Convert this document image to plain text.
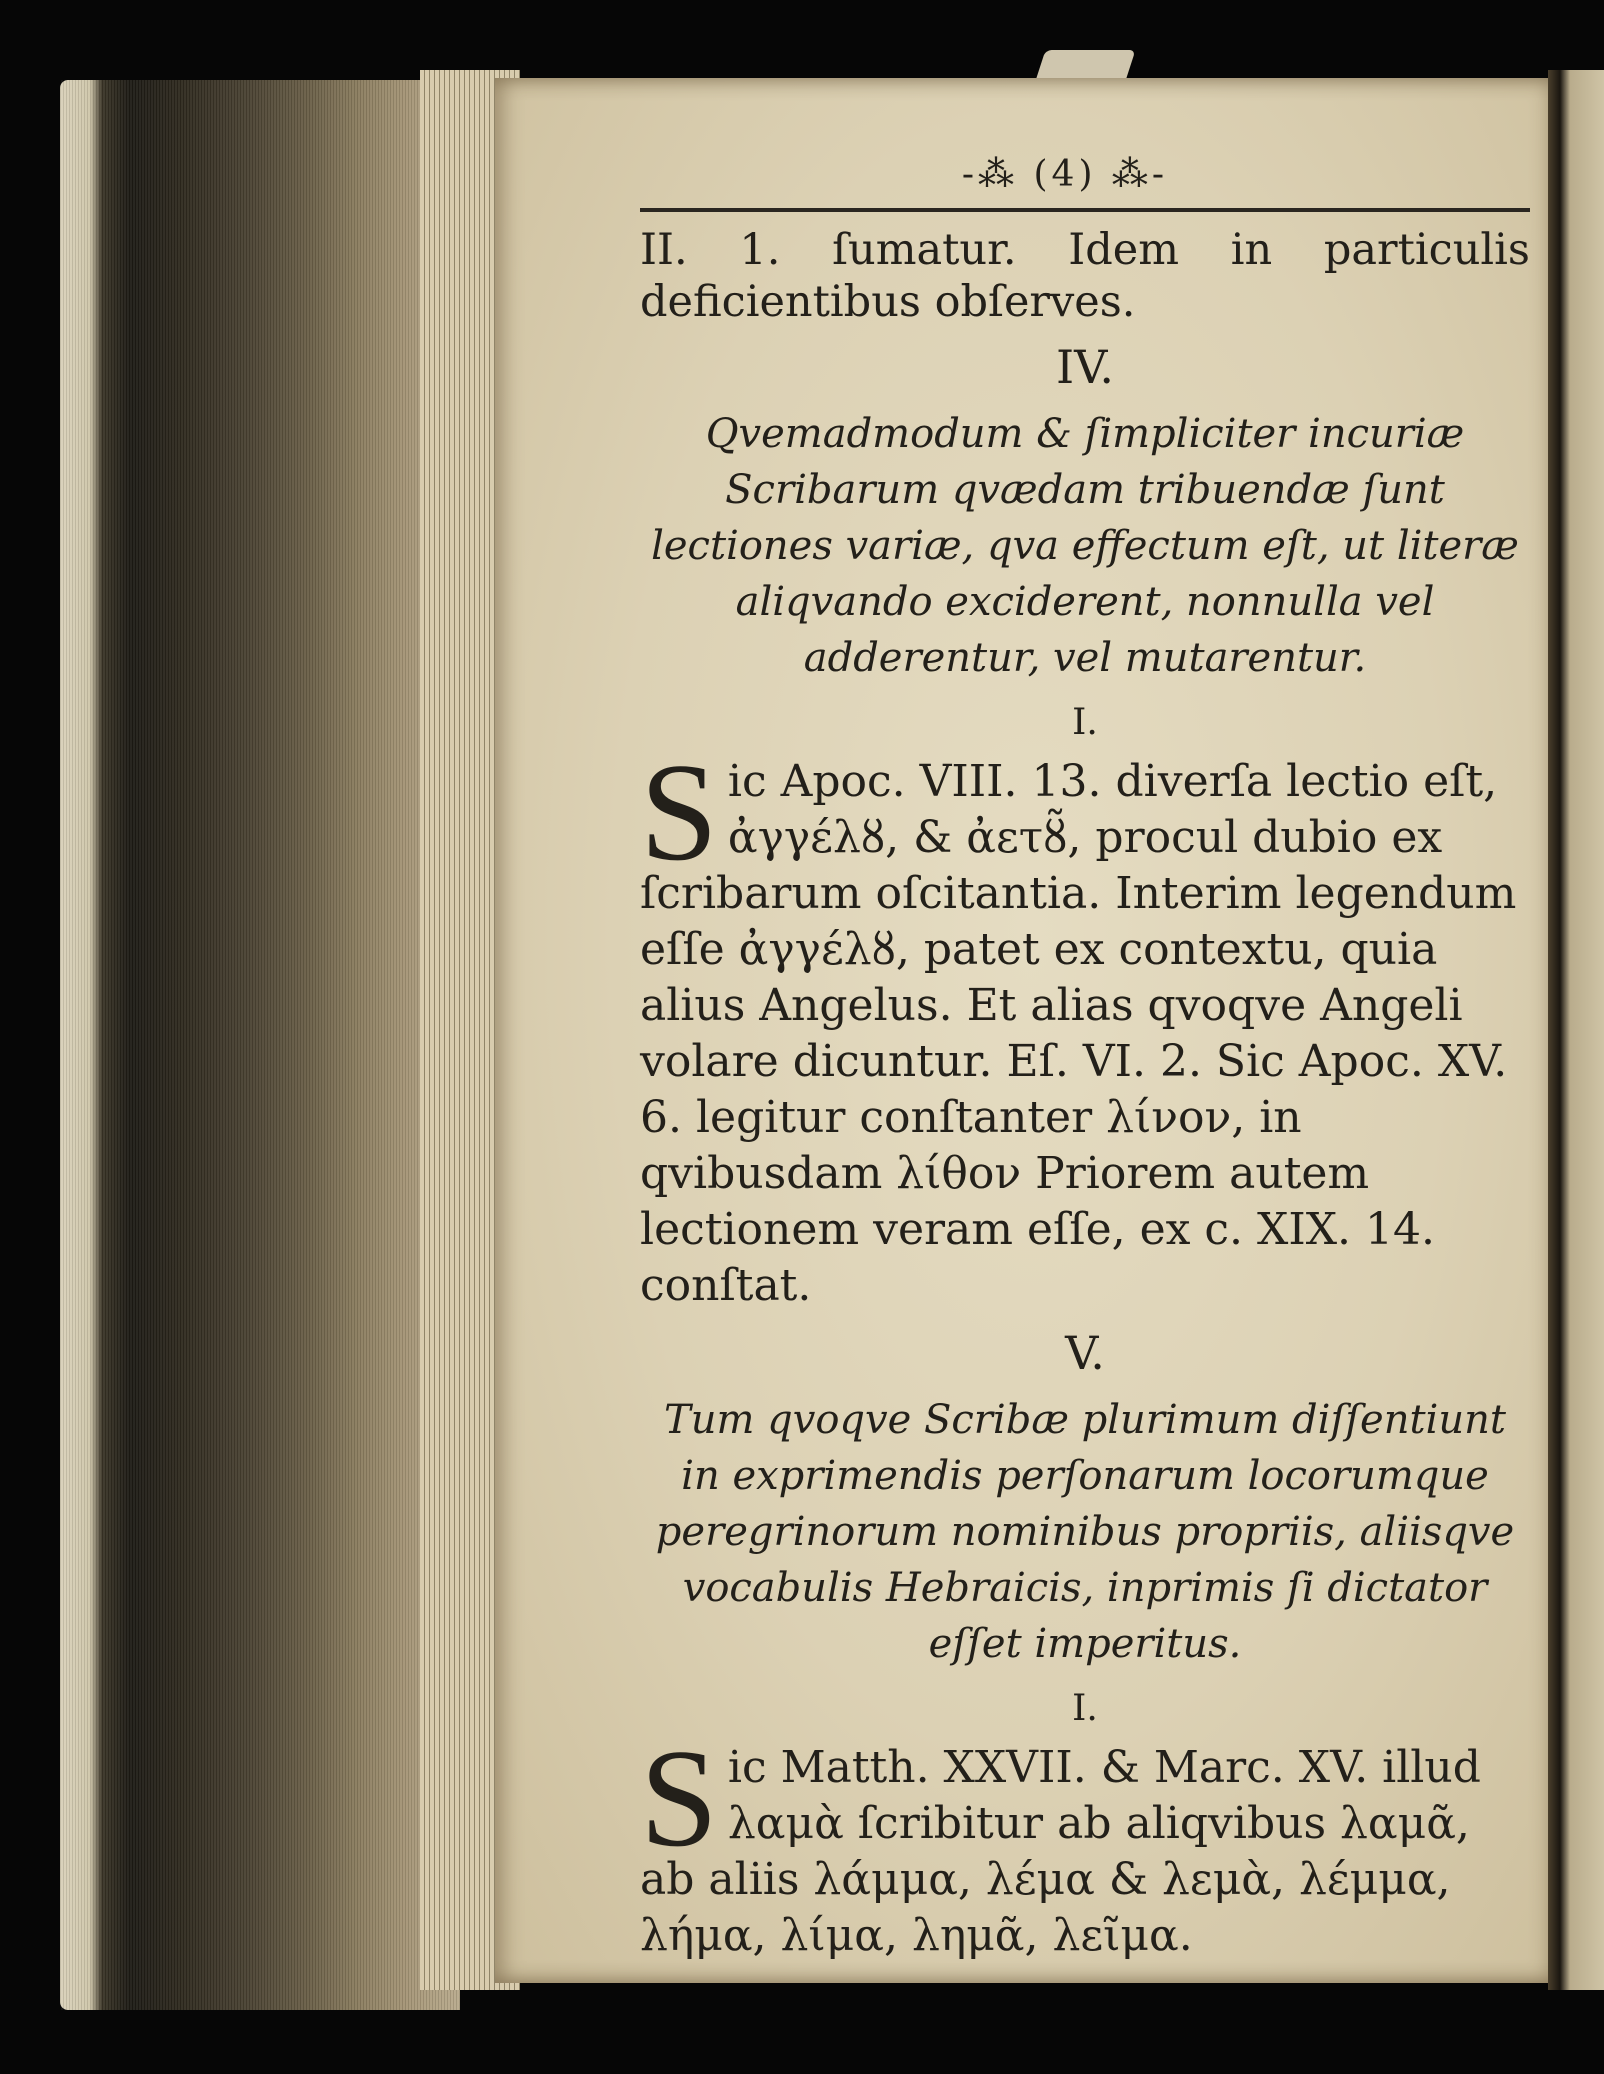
-⁂ (4) ⁂-

II. 1. ſumatur. Idem in particulis deficientibus obſerves.

IV.

Qvemadmodum & ſimpliciter incuriæ Scribarum qvædam tribuendæ ſunt lectiones variæ, qva effectum eſt, ut literæ aliqvando exciderent, nonnulla vel adderentur, vel mutarentur.

I.
S ic Apoc. VIII. 13. diverſa lectio eſt, ἀγγέλȣ, & ἀετȣ̃, procul dubio ex ſcribarum oſcitantia. Interim legendum eſſe ἀγγέλȣ, patet ex contextu, quia alius Angelus. Et alias qvoqve Angeli volare dicuntur. Eſ. VI. 2. Sic Apoc. XV. 6. legitur conſtanter λίνον, in qvibusdam λίθον Priorem autem lectionem veram eſſe, ex c. XIX. 14. conſtat.
V.

Tum qvoqve Scribæ plurimum diſſentiunt in exprimendis perſonarum locorumque peregrinorum nominibus propriis, aliisqve vocabulis Hebraicis, inprimis ſi dictator eſſet imperitus.

I.
S ic Matth. XXVII. & Marc. XV. illud λαμὰ ſcribitur ab aliqvibus λαμᾶ, ab aliis λάμμα, λέμα & λεμὰ, λέμμα, λήμα, λίμα, λημᾶ, λεῖμα.
